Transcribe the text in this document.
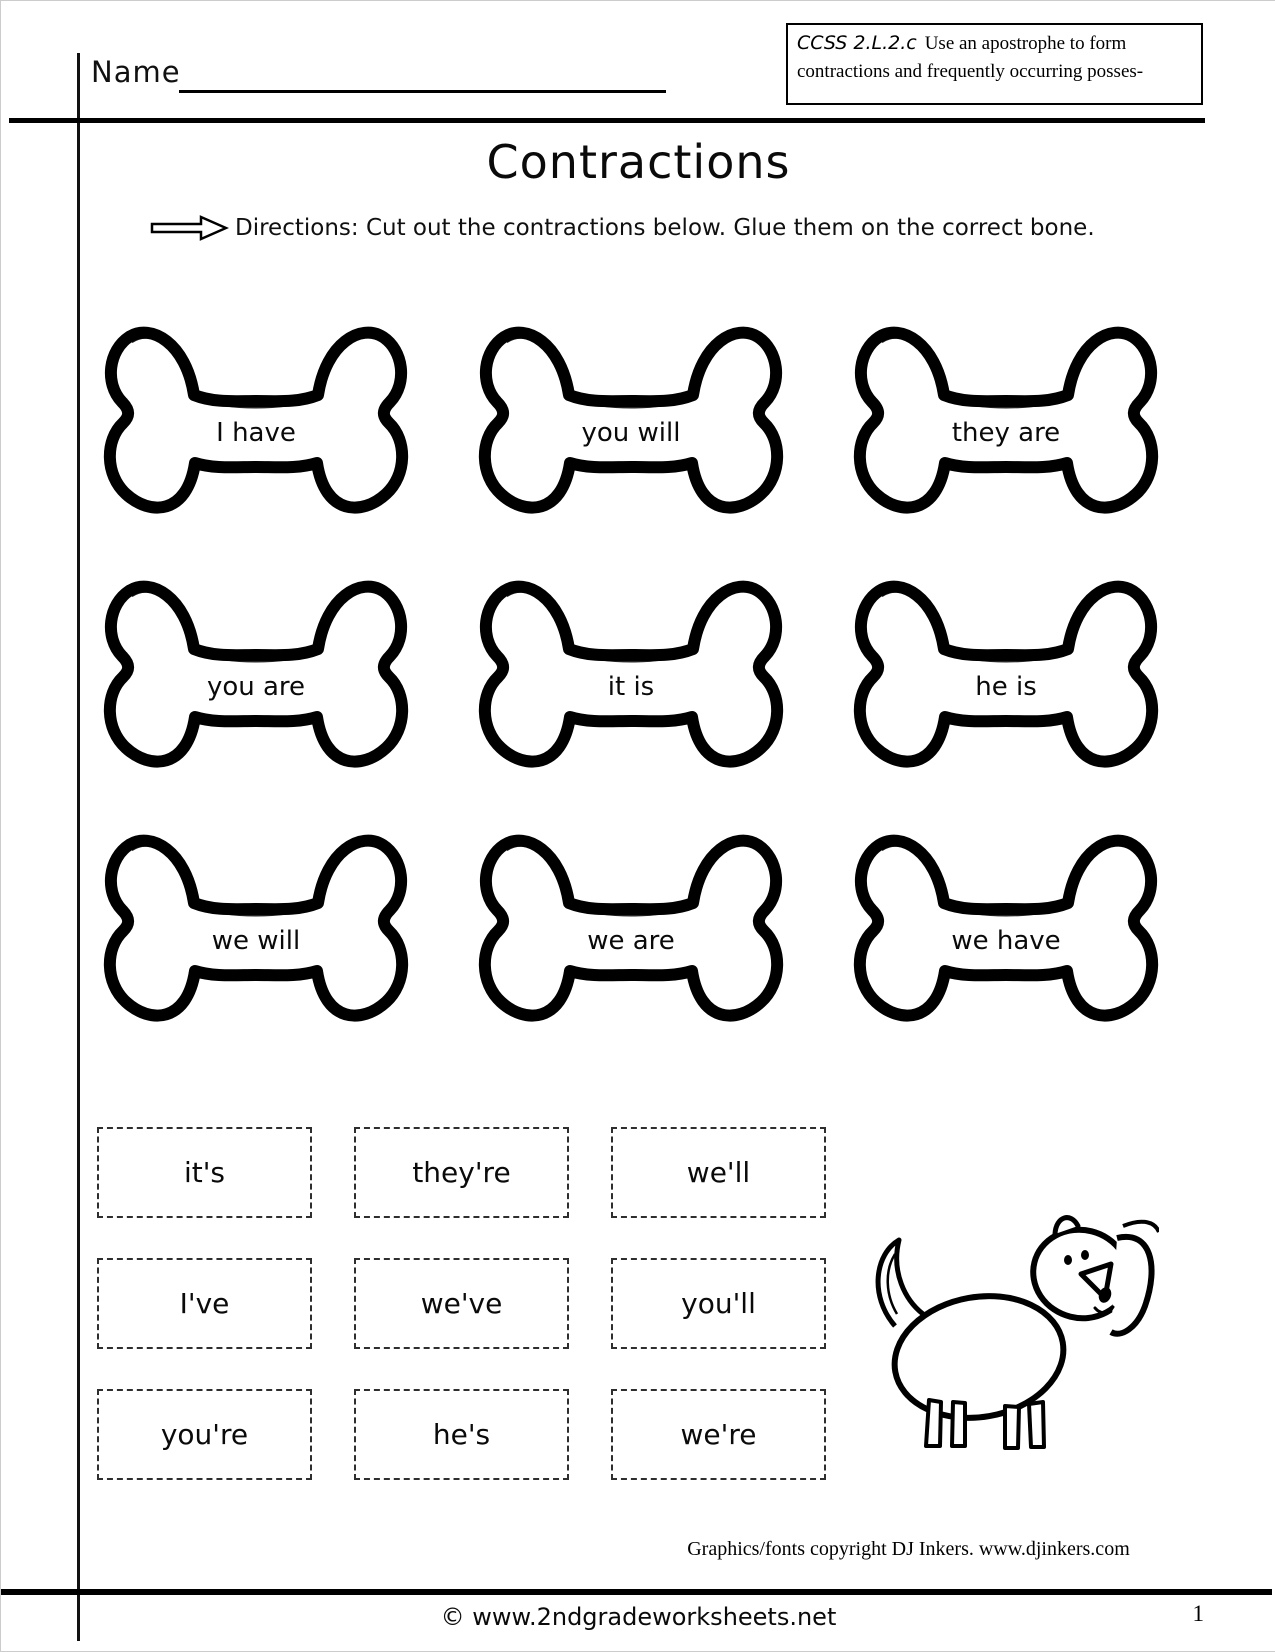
Name
CCSS 2.L.2.c Use an apostrophe to form contractions and frequently occurring posses-
Contractions
Directions: Cut out the contractions below. Glue them on the correct bone.
I have	you will	they are
you are	it is	he is
we will	we are	we have
it's	they're	we'll
I've	we've	you'll
you're	he's	we're
Graphics/fonts copyright DJ Inkers. www.djinkers.com
© www.2ndgradeworksheets.net	1
